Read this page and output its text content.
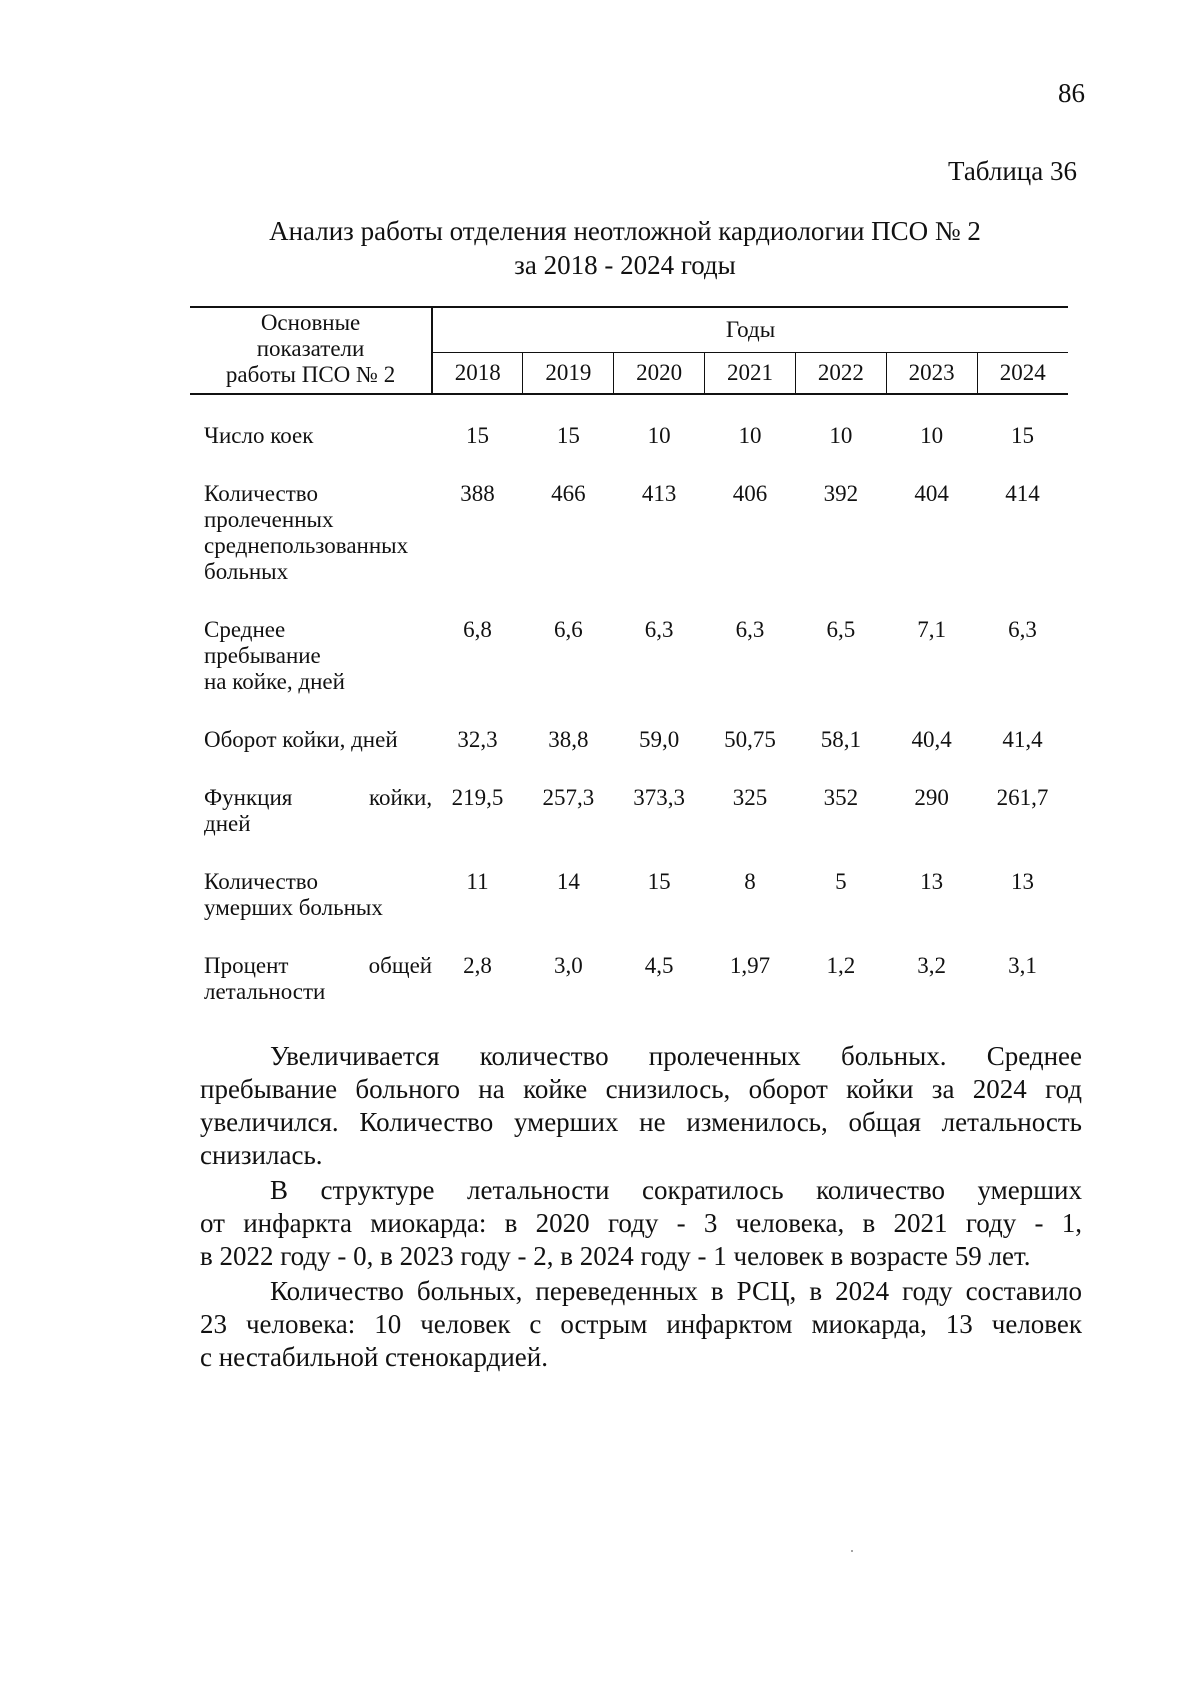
86
Таблица 36
Анализ работы отделения неотложной кардиологии ПСО № 2
за 2018 - 2024 годы
Основные
показатели
работы ПСО № 2	Годы						
	2018	2019	2020	2021	2022	2023	2024

Число коек	15	15	10	10	10	10	15

Количество
пролеченных
среднепользованных
больных	388	466	413	406	392	404	414

Среднее
пребывание
на койке, дней	6,8	6,6	6,3	6,3	6,5	7,1	6,3

Оборот койки, дней	32,3	38,8	59,0	50,75	58,1	40,4	41,4

Функция койки,
дней	219,5	257,3	373,3	325	352	290	261,7

Количество
умерших больных	11	14	15	8	5	13	13

Процент общей
летальности	2,8	3,0	4,5	1,97	1,2	3,2	3,1

Увеличивается количество пролеченных больных. Среднее
пребывание больного на койке снизилось, оборот койки за 2024 год
увеличился. Количество умерших не изменилось, общая летальность
снизилась.

В структуре летальности сократилось количество умерших
от инфаркта миокарда: в 2020 году - 3 человека, в 2021 году - 1,
в 2022 году - 0, в 2023 году - 2, в 2024 году - 1 человек в возрасте 59 лет.

Количество больных, переведенных в РСЦ, в 2024 году составило
23 человека: 10 человек с острым инфарктом миокарда, 13 человек
с нестабильной стенокардией.
